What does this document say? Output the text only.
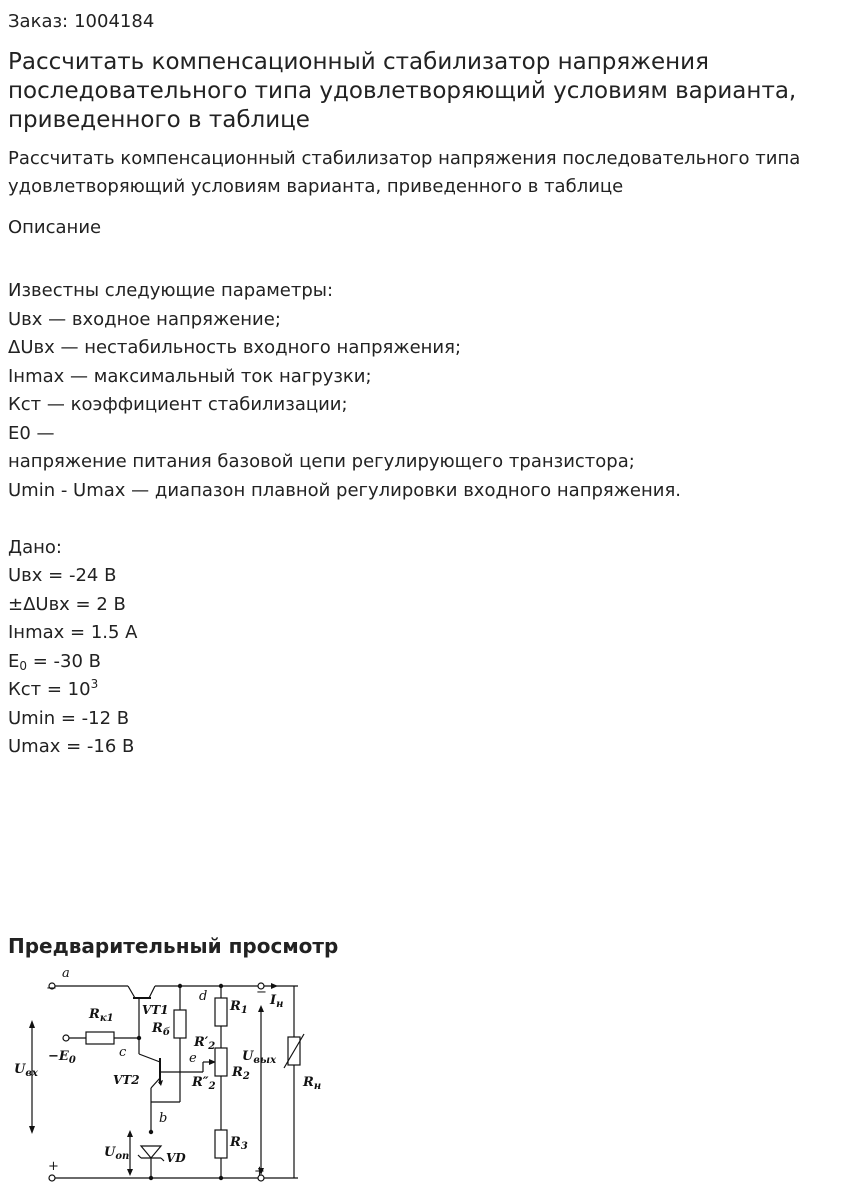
Заказ: 1004184
Рассчитать компенсационный стабилизатор напряжения последовательного типа удовлетворяющий условиям варианта, приведенного в таблице

Рассчитать компенсационный стабилизатор напряжения последовательного типа удовлетворяющий условиям варианта, приведенного в таблице

Описание
Известны следующие параметры:
Uвх — входное напряжение;
ΔUвх — нестабильность входного напряжения;
Iнmax — максимальный ток нагрузки;
Кст — коэффициент стабилизации;
Е0 —
напряжение питания базовой цепи регулирующего транзистора;
Umin - Umax — диапазон плавной регулировки входного напряжения.
Дано:
Uвх = -24 В
±ΔUвх = 2 В
Iнmax = 1.5 А
$E_0 = -30$ В
Кст = $10^3$
Umin = -12 В
Umax = -16 В
Предварительный просмотр
a
b
c
d
e
−
+
−
+
$R_{к1}$
$R_б$
$R_1$
$R'_2$
$R_2$
$R''_2$
$R_3$
$R_н$
VT1
VT2
VD
$U_{вх}$
$U_{вых}$
$U_{оп}$
$-E_0$
$I_н$
